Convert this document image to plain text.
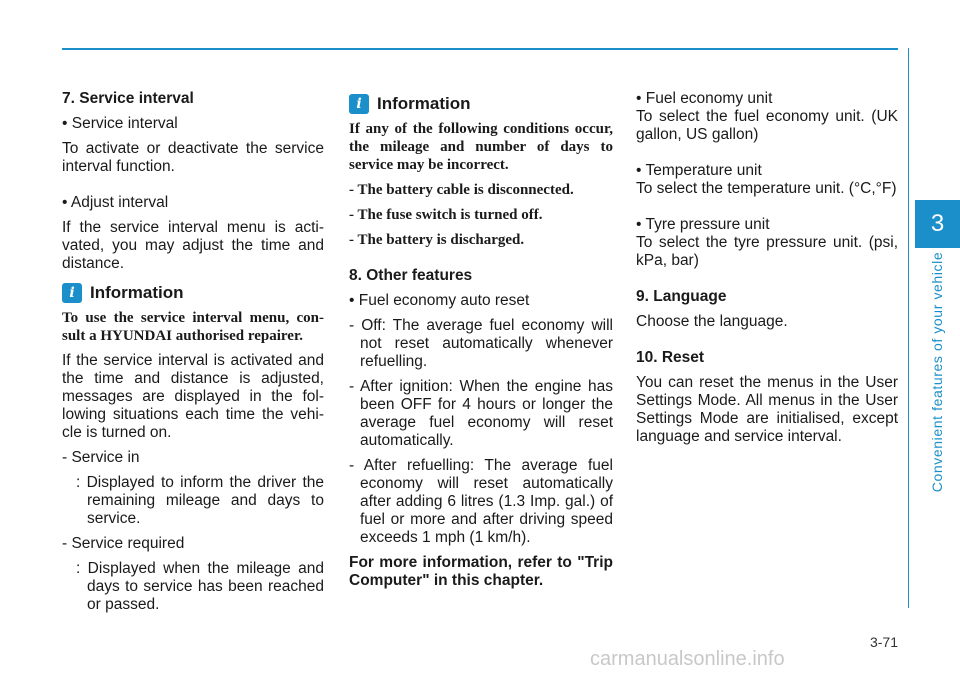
3
Convenient features of your vehicle

7. Service interval

• Service interval

To activate or deactivate the service interval function.

• Adjust interval

If the service interval menu is acti-vated, you may adjust the time and distance.

i Information

To use the service interval menu, con-sult a HYUNDAI authorised repairer.

If the service interval is activated and the time and distance is adjusted, messages are displayed in the fol-lowing situations each time the vehi-cle is turned on.

- Service in

: Displayed to inform the driver the remaining mileage and days to service.

- Service required

: Displayed when the mileage and days to service has been reached or passed.

i Information

If any of the following conditions occur, the mileage and number of days to service may be incorrect.

- The battery cable is disconnected.

- The fuse switch is turned off.

- The battery is discharged.

8. Other features

• Fuel economy auto reset

- Off: The average fuel economy will not reset automatically whenever refuelling.

- After ignition: When the engine has been OFF for 4 hours or longer the average fuel economy will reset automatically.

- After refuelling: The average fuel economy will reset automatically after adding 6 litres (1.3 Imp. gal.) of fuel or more and after driving speed exceeds 1 mph (1 km/h).

For more information, refer to "Trip Computer" in this chapter.

• Fuel economy unit

To select the fuel economy unit. (UK gallon, US gallon)

• Temperature unit

To select the temperature unit. (°C,°F)

• Tyre pressure unit

To select the tyre pressure unit. (psi, kPa, bar)

9. Language

Choose the language.

10. Reset

You can reset the menus in the User Settings Mode. All menus in the User Settings Mode are initialised, except language and service interval.

3-71
carmanualsonline.info
